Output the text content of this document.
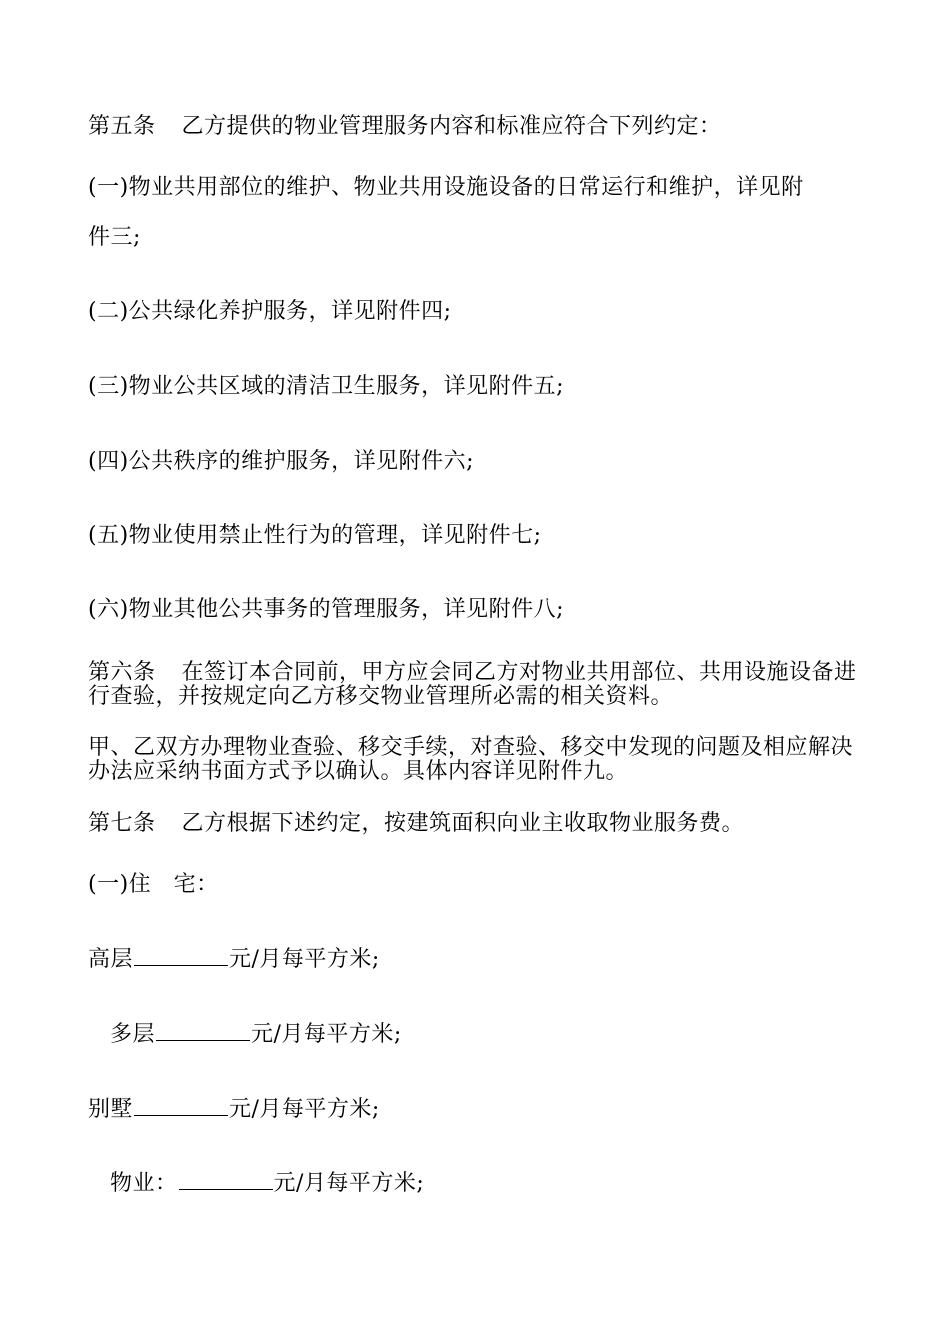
第五条 乙方提供的物业管理服务内容和标准应符合下列约定：
(一)物业共用部位的维护、物业共用设施设备的日常运行和维护，详见附
件三;
(二)公共绿化养护服务，详见附件四;
(三)物业公共区域的清洁卫生服务，详见附件五;
(四)公共秩序的维护服务，详见附件六;
(五)物业使用禁止性行为的管理，详见附件七;
(六)物业其他公共事务的管理服务，详见附件八;
第六条 在签订本合同前，甲方应会同乙方对物业共用部位、共用设施设备进行查验，并按规定向乙方移交物业管理所必需的相关资料。
甲、乙双方办理物业查验、移交手续，对查验、移交中发现的问题及相应解决办法应采纳书面方式予以确认。具体内容详见附件九。
第七条 乙方根据下述约定，按建筑面积向业主收取物业服务费。
(一)住　宅：
高层	元/月每平方米;
多层	元/月每平方米;
别墅	元/月每平方米;
物业：	元/月每平方米;
